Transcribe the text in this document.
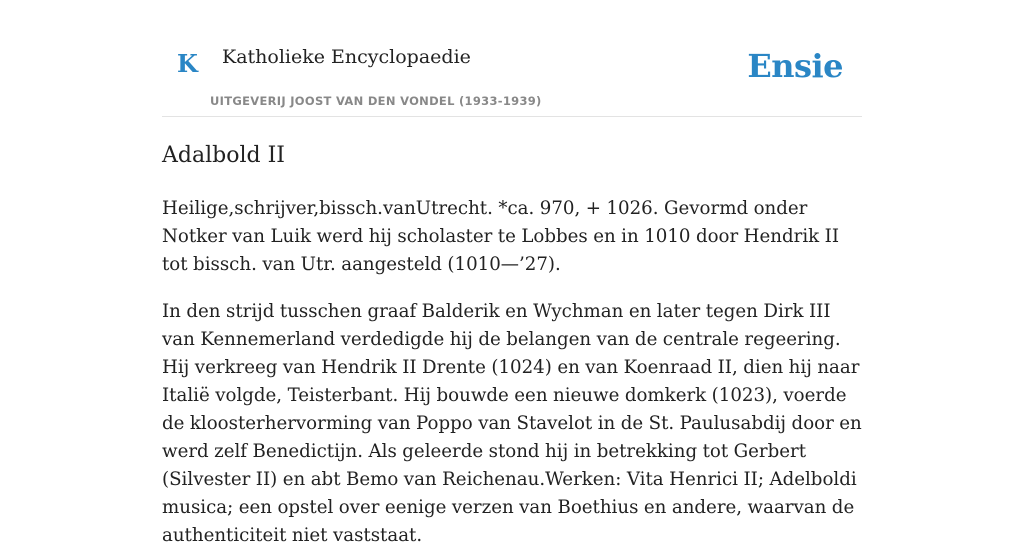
K Katholieke Encyclopaedie
UITGEVERIJ JOOST VAN DEN VONDEL (1933-1939)
Ensie
Adalbold II

Heilige,schrijver,bissch.vanUtrecht. *ca. 970, + 1026. Gevormd onder Notker van Luik werd hij scholaster te Lobbes en in 1010 door Hendrik II tot bissch. van Utr. aangesteld (1010—’27).

In den strijd tusschen graaf Balderik en Wychman en later tegen Dirk III van Kennemerland verdedigde hij de belangen van de centrale regeering. Hij verkreeg van Hendrik II Drente (1024) en van Koenraad II, dien hij naar Italië volgde, Teisterbant. Hij bouwde een nieuwe domkerk (1023), voerde de kloosterhervorming van Poppo van Stavelot in de St. Paulusabdij door en werd zelf Benedictijn. Als geleerde stond hij in betrekking tot Gerbert (Silvester II) en abt Bemo van Reichenau.Werken: Vita Henrici II; Adelboldi musica; een opstel over eenige verzen van Boethius en andere, waarvan de authenticiteit niet vaststaat.
